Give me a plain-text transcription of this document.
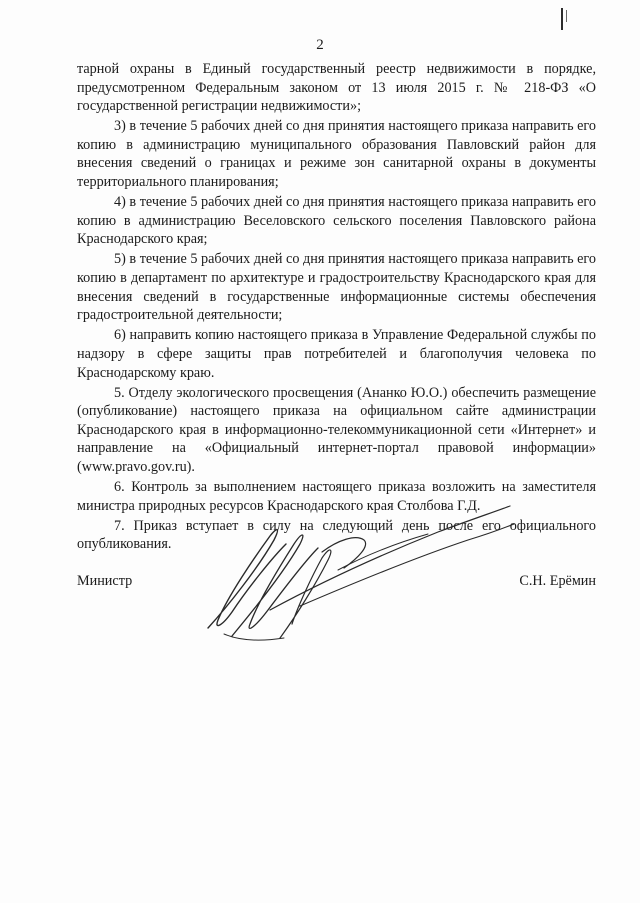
2

тарной охраны в Единый государственный реестр недвижимости в порядке, предусмотренном Федеральным законом от 13 июля 2015 г. № 218-ФЗ «О государственной регистрации недвижимости»;

3) в течение 5 рабочих дней со дня принятия настоящего приказа направить его копию в администрацию муниципального образования Павловский район для внесения сведений о границах и режиме зон санитарной охраны в документы территориального планирования;

4) в течение 5 рабочих дней со дня принятия настоящего приказа направить его копию в администрацию Веселовского сельского поселения Павловского района Краснодарского края;

5) в течение 5 рабочих дней со дня принятия настоящего приказа направить его копию в департамент по архитектуре и градостроительству Краснодарского края для внесения сведений в государственные информационные системы обеспечения градостроительной деятельности;

6) направить копию настоящего приказа в Управление Федеральной службы по надзору в сфере защиты прав потребителей и благополучия человека по Краснодарскому краю.

5. Отделу экологического просвещения (Ананко Ю.О.) обеспечить размещение (опубликование) настоящего приказа на официальном сайте администрации Краснодарского края в информационно-телекоммуникационной сети «Интернет» и направление на «Официальный интернет-портал правовой информации» (www.pravo.gov.ru).

6. Контроль за выполнением настоящего приказа возложить на заместителя министра природных ресурсов Краснодарского края Столбова Г.Д.

7. Приказ вступает в силу на следующий день после его официального опубликования.

Министр	С.Н. Ерёмин
